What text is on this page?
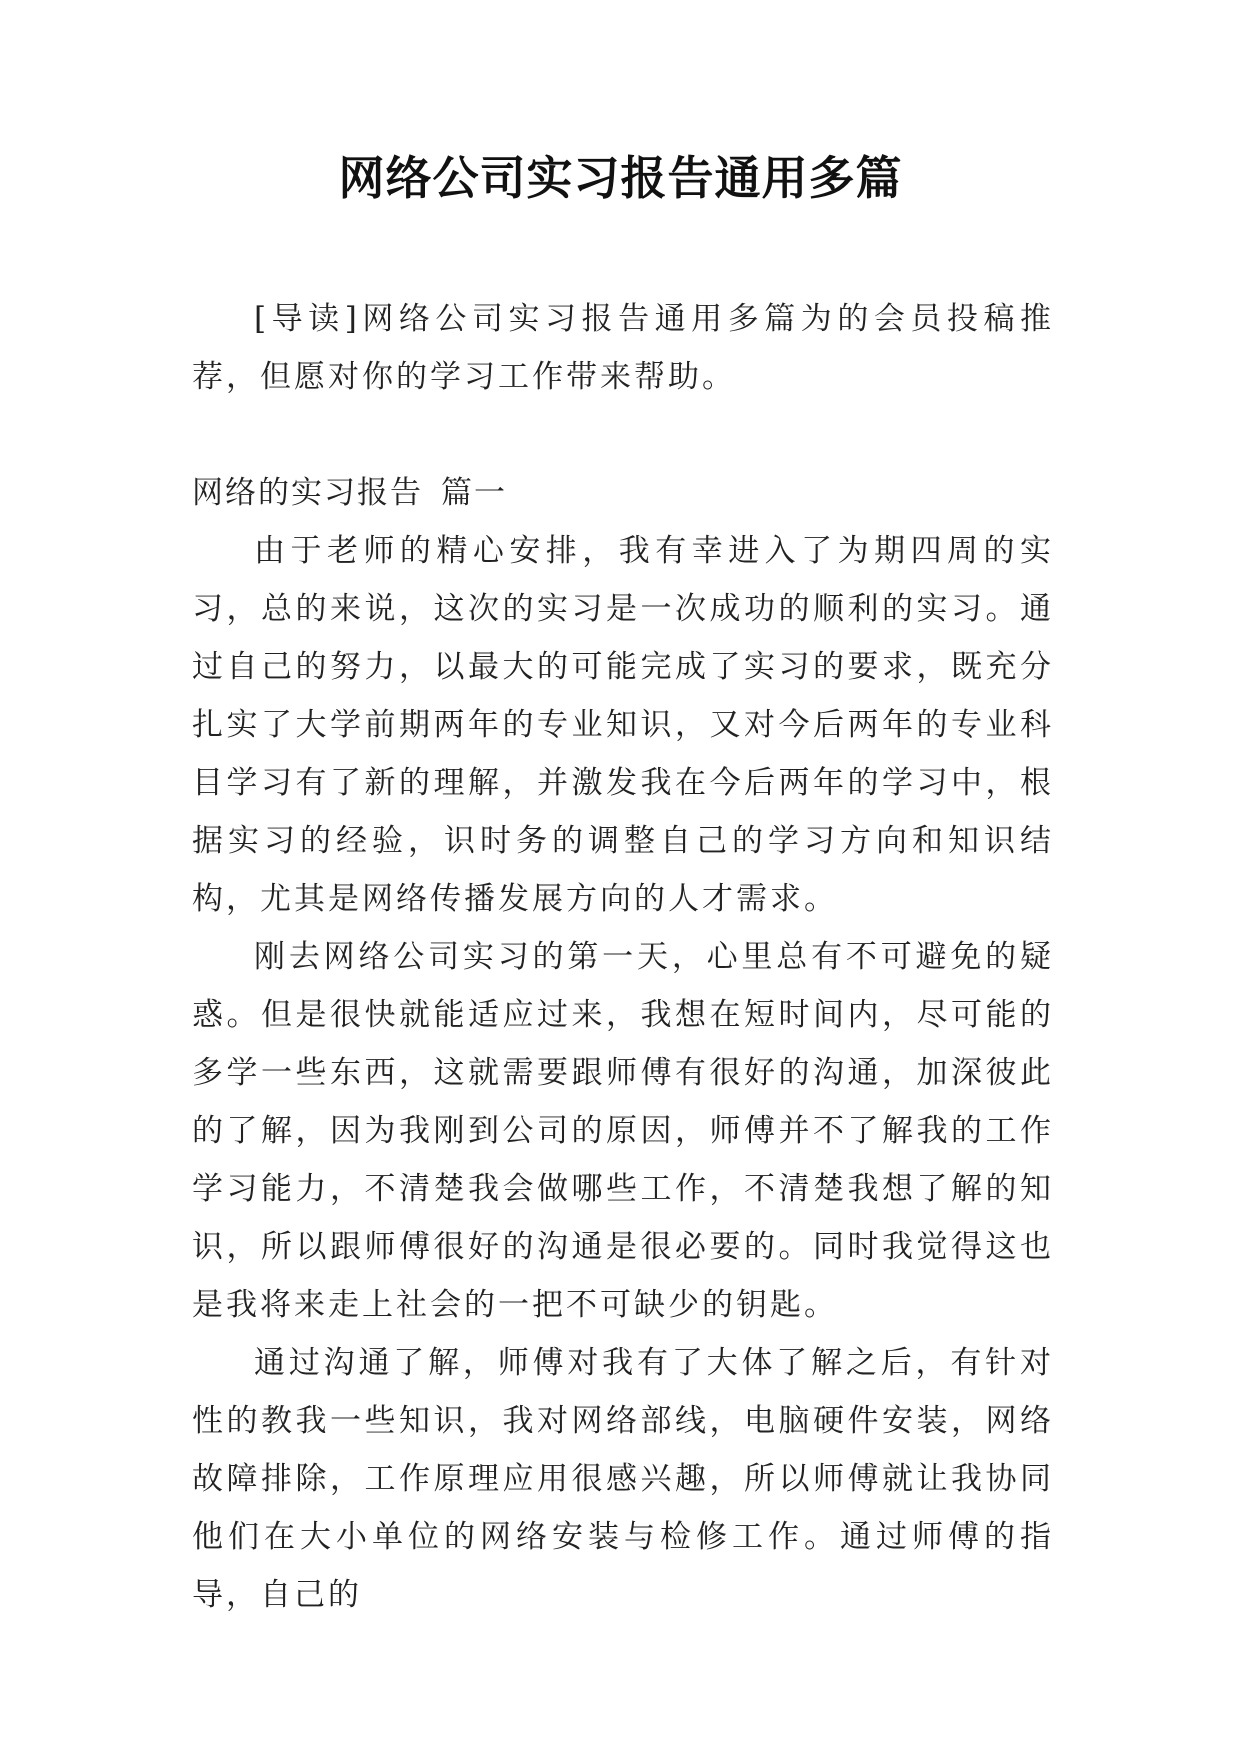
网络公司实习报告通用多篇

[导读]网络公司实习报告通用多篇为的会员投稿推荐，但愿对你的学习工作带来帮助。

网络的实习报告 篇一

由于老师的精心安排，我有幸进入了为期四周的实习，总的来说，这次的实习是一次成功的顺利的实习。通过自己的努力，以最大的可能完成了实习的要求，既充分扎实了大学前期两年的专业知识，又对今后两年的专业科目学习有了新的理解，并激发我在今后两年的学习中，根据实习的经验，识时务的调整自己的学习方向和知识结构，尤其是网络传播发展方向的人才需求。

刚去网络公司实习的第一天，心里总有不可避免的疑惑。但是很快就能适应过来，我想在短时间内，尽可能的多学一些东西，这就需要跟师傅有很好的沟通，加深彼此的了解，因为我刚到公司的原因，师傅并不了解我的工作学习能力，不清楚我会做哪些工作，不清楚我想了解的知识，所以跟师傅很好的沟通是很必要的。同时我觉得这也是我将来走上社会的一把不可缺少的钥匙。

通过沟通了解，师傅对我有了大体了解之后，有针对性的教我一些知识，我对网络部线，电脑硬件安装，网络故障排除，工作原理应用很感兴趣，所以师傅就让我协同他们在大小单位的网络安装与检修工作。通过师傅的指导，自己的
